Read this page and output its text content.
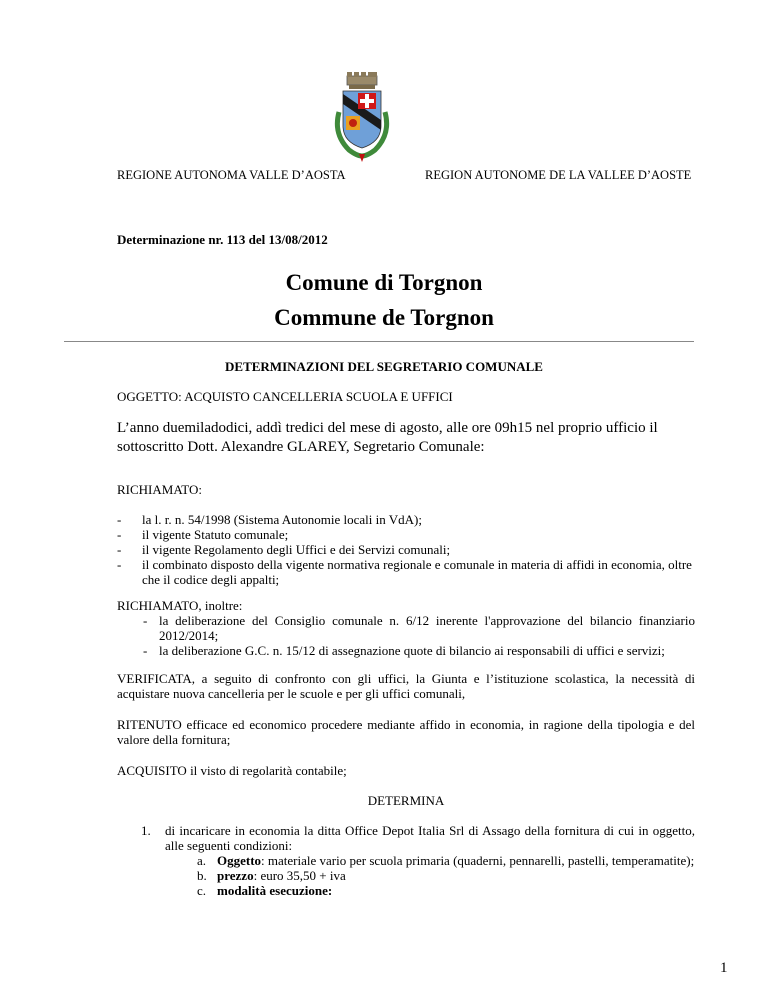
REGIONE AUTONOMA VALLE D’AOSTA	REGION AUTONOME DE LA VALLEE D’AOSTE
Determinazione nr. 113 del 13/08/2012
Comune di Torgnon
Commune de Torgnon
DETERMINAZIONI DEL SEGRETARIO COMUNALE
OGGETTO: ACQUISTO CANCELLERIA SCUOLA E UFFICI
L’anno duemiladodici, addì tredici del mese di agosto, alle ore 09h15 nel proprio ufficio il sottoscritto Dott. Alexandre GLAREY, Segretario Comunale:
RICHIAMATO:
- la l. r. n. 54/1998 (Sistema Autonomie locali in VdA);
- il vigente Statuto comunale;
- il vigente Regolamento degli Uffici e dei Servizi comunali;
- il combinato disposto della vigente normativa regionale e comunale in materia di affidi in economia, oltre che il codice degli appalti;
RICHIAMATO, inoltre:
- la deliberazione del Consiglio comunale n. 6/12 inerente l'approvazione del bilancio finanziario 2012/2014;
- la deliberazione G.C. n. 15/12 di assegnazione quote di bilancio ai responsabili di uffici e servizi;
VERIFICATA, a seguito di confronto con gli uffici, la Giunta e l’istituzione scolastica, la necessità di acquistare nuova cancelleria per le scuole e per gli uffici comunali,
RITENUTO efficace ed economico procedere mediante affido in economia, in ragione della tipologia e del valore della fornitura;
ACQUISITO il visto di regolarità contabile;
DETERMINA
1. di incaricare in economia la ditta Office Depot Italia Srl di Assago della fornitura di cui in oggetto, alle seguenti condizioni:
a. Oggetto: materiale vario per scuola primaria (quaderni, pennarelli, pastelli, temperamatite);
b. prezzo: euro 35,50 + iva
c. modalità esecuzione:
1
